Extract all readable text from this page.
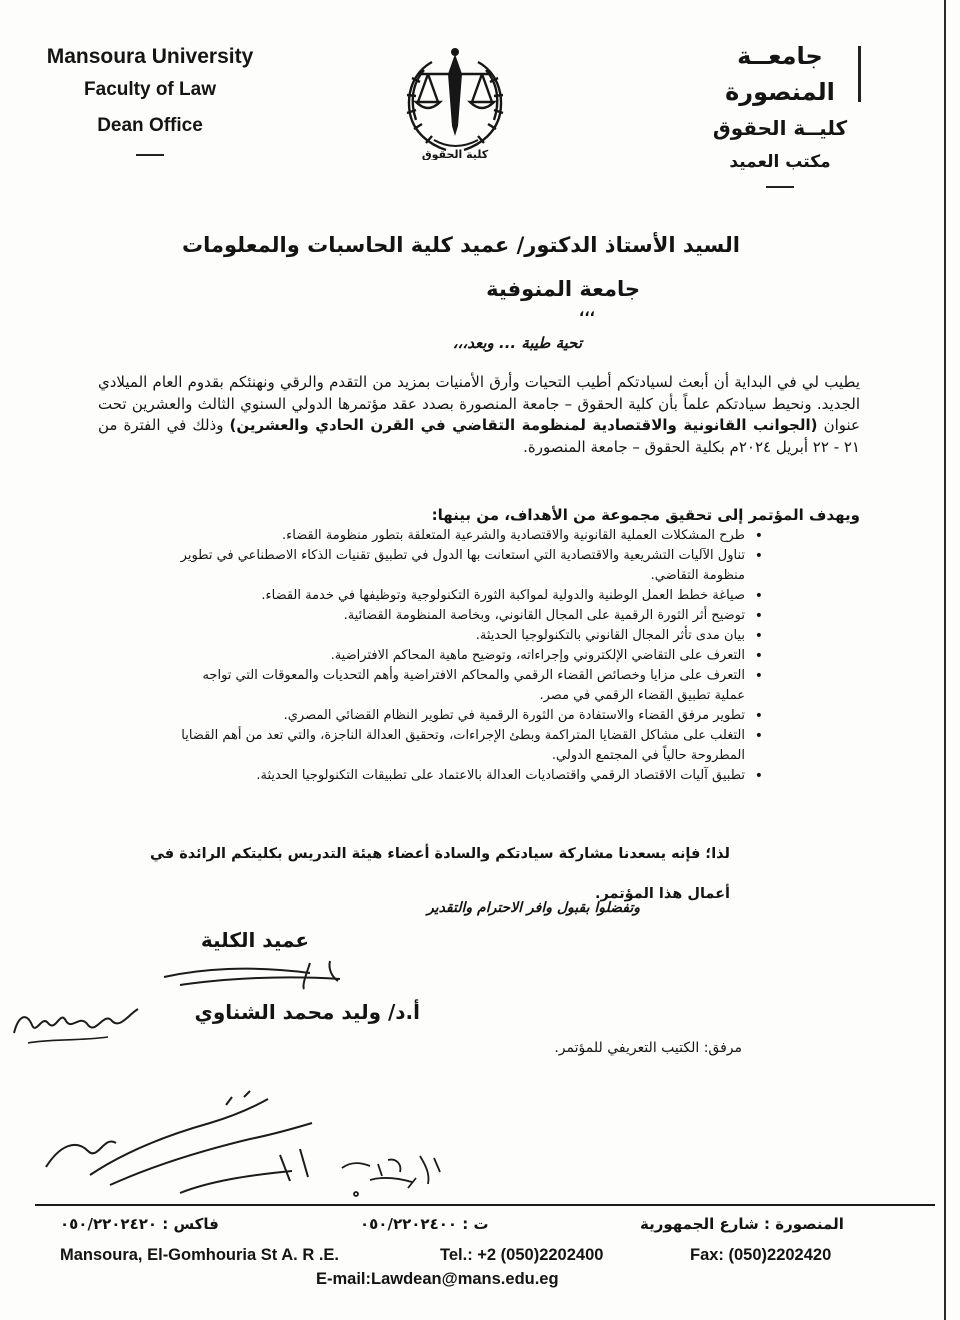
Mansoura University
Faculty of Law
Dean Office
كلية الحقوق
جامعــة المنصورة
كليــة الحقوق
مكتب العميد
السيد الأستاذ الدكتور/ عميد كلية الحاسبات والمعلومات
جامعة المنوفية
،،،
تحية طيبة ... وبعد،،،
يطيب لي في البداية أن أبعث لسيادتكم أطيب التحيات وأرق الأمنيات بمزيد من التقدم والرقي ونهنئكم بقدوم العام الميلادي الجديد. ونحيط سيادتكم علماً بأن كلية الحقوق – جامعة المنصورة بصدد عقد مؤتمرها الدولي السنوي الثالث والعشرين تحت عنوان (الجوانب القانونية والاقتصادية لمنظومة التقاضي في القرن الحادي والعشرين) وذلك في الفترة من ٢١ - ٢٢ أبريل ٢٠٢٤م بكلية الحقوق – جامعة المنصورة.
ويهدف المؤتمر إلى تحقيق مجموعة من الأهداف، من بينها:
طرح المشكلات العملية القانونية والاقتصادية والشرعية المتعلقة بتطور منظومة القضاء. •
تناول الآليات التشريعية والاقتصادية التي استعانت بها الدول في تطبيق تقنيات الذكاء الاصطناعي في تطوير منظومة التقاضي. •
صياغة خطط العمل الوطنية والدولية لمواكبة الثورة التكنولوجية وتوظيفها في خدمة القضاء. •
توضيح أثر الثورة الرقمية على المجال القانوني، وبخاصة المنظومة القضائية. •
بيان مدى تأثر المجال القانوني بالتكنولوجيا الحديثة. •
التعرف على التقاضي الإلكتروني وإجراءاته، وتوضيح ماهية المحاكم الافتراضية. •
التعرف على مزايا وخصائص القضاء الرقمي والمحاكم الافتراضية وأهم التحديات والمعوقات التي تواجه عملية تطبيق القضاء الرقمي في مصر. •
تطوير مرفق القضاء والاستفادة من الثورة الرقمية في تطوير النظام القضائي المصري. •
التغلب على مشاكل القضايا المتراكمة وبطئ الإجراءات، وتحقيق العدالة الناجزة، والتي تعد من أهم القضايا المطروحة حالياً في المجتمع الدولي. •
تطبيق آليات الاقتصاد الرقمي واقتصاديات العدالة بالاعتماد على تطبيقات التكنولوجيا الحديثة. •
لذا؛ فإنه يسعدنا مشاركة سيادتكم والسادة أعضاء هيئة التدريس بكليتكم الرائدة في أعمال هذا المؤتمر.
وتفضلوا بقبول وافر الاحترام والتقدير
عميد الكلية
أ.د/ وليد محمد الشناوي
مرفق: الكتيب التعريفي للمؤتمر.
المنصورة : شارع الجمهورية
ت : ٠٥٠/٢٢٠٢٤٠٠
فاكس : ٠٥٠/٢٢٠٢٤٢٠
Mansoura, El-Gomhouria St A. R .E.	Tel.: +2 (050)2202400	Fax: (050)2202420
E-mail:Lawdean@mans.edu.eg
